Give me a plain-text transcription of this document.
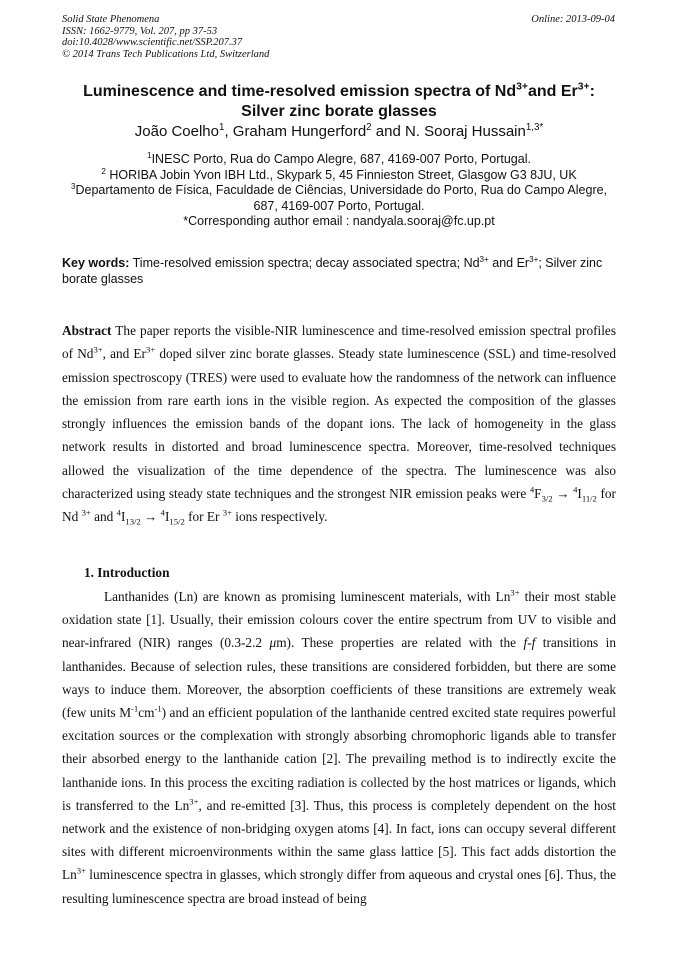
Solid State Phenomena
ISSN: 1662-9779, Vol. 207, pp 37-53
doi:10.4028/www.scientific.net/SSP.207.37
© 2014 Trans Tech Publications Ltd, Switzerland
Online: 2013-09-04
Luminescence and time-resolved emission spectra of $Nd^{3+}and$ $Er^{3+}$:
Silver zinc borate glasses
João Coelho$^1$, Graham Hungerford$^2$ and N. Sooraj Hussain$^{1,3*}$
$^1$INESC Porto, Rua do Campo Alegre, 687, 4169-007 Porto, Portugal.
$^2$ HORIBA Jobin Yvon IBH Ltd., Skypark 5, 45 Finnieston Street, Glasgow G3 8JU, UK
$^3$Departamento de Física, Faculdade de Ciências, Universidade do Porto, Rua do Campo Alegre,
687, 4169-007 Porto, Portugal.
*Corresponding author email : nandyala.sooraj@fc.up.pt
Key words: Time-resolved emission spectra; decay associated spectra; $Nd^{3+}$ and $Er^{3+}$; Silver zinc borate glasses
Abstract The paper reports the visible-NIR luminescence and time-resolved emission spectral profiles of $Nd^{3+}$, and $Er^{3+}$ doped silver zinc borate glasses. Steady state luminescence (SSL) and time-resolved emission spectroscopy (TRES) were used to evaluate how the randomness of the network can influence the emission from rare earth ions in the visible region. As expected the composition of the glasses strongly influences the emission bands of the dopant ions. The lack of homogeneity in the glass network results in distorted and broad luminescence spectra. Moreover, time-resolved techniques allowed the visualization of the time dependence of the spectra. The luminescence was also characterized using steady state techniques and the strongest NIR emission peaks were $^4F_{3/2} \to ^4I_{11/2}$ for Nd $^{3+}$ and $^4I_{13/2} \to ^4I_{15/2}$ for Er $^{3+}$ ions respectively.
1. Introduction

Lanthanides (Ln) are known as promising luminescent materials, with $Ln^{3+}$ their most stable oxidation state [1]. Usually, their emission colours cover the entire spectrum from UV to visible and near-infrared (NIR) ranges (0.3-2.2 μm). These properties are related with the f-f transitions in lanthanides. Because of selection rules, these transitions are considered forbidden, but there are some ways to induce them. Moreover, the absorption coefficients of these transitions are extremely weak (few units $M^{-1}cm^{-1}$) and an efficient population of the lanthanide centred excited state requires powerful excitation sources or the complexation with strongly absorbing chromophoric ligands able to transfer their absorbed energy to the lanthanide cation [2]. The prevailing method is to indirectly excite the lanthanide ions. In this process the exciting radiation is collected by the host matrices or ligands, which is transferred to the $Ln^{3+}$, and re-emitted [3]. Thus, this process is completely dependent on the host network and the existence of non-bridging oxygen atoms [4]. In fact, ions can occupy several different sites with different microenvironments within the same glass lattice [5]. This fact adds distortion the $Ln^{3+}$ luminescence spectra in glasses, which strongly differ from aqueous and crystal ones [6]. Thus, the resulting luminescence spectra are broad instead of being
